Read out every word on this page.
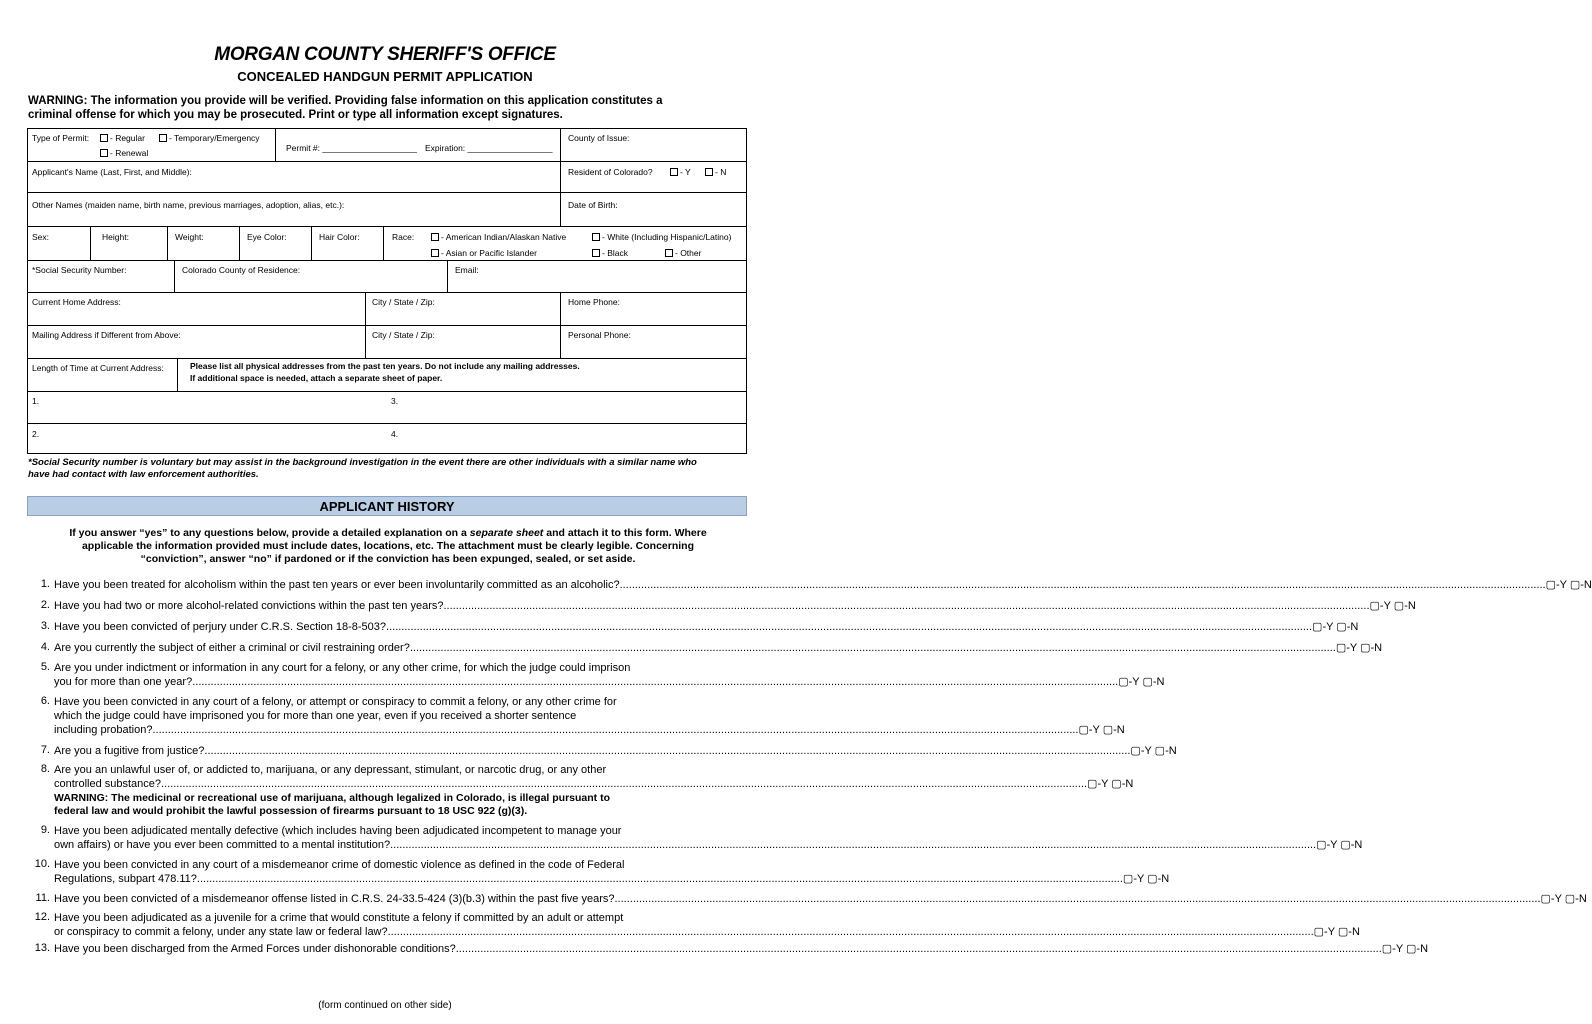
MORGAN COUNTY SHERIFF'S OFFICE
CONCEALED HANDGUN PERMIT APPLICATION
WARNING: The information you provide will be verified. Providing false information on this application constitutes a
criminal offense for which you may be prosecuted. Print or type all information except signatures.
Type of Permit:	- Regular	- Temporary/Emergency
- Renewal	Permit #: ____________________ Expiration: __________________
County of Issue:
Applicant's Name (Last, First, and Middle):	Resident of Colorado?	- Y	- N
Other Names (maiden name, birth name, previous marriages, adoption, alias, etc.):	Date of Birth:
Sex:	Height:	Weight:	Eye Color:	Hair Color:	Race:	- American Indian/Alaskan Native	- White (Including Hispanic/Latino)
- Asian or Pacific Islander	- Black	- Other
*Social Security Number:	Colorado County of Residence:	Email:
Current Home Address:	City / State / Zip:	Home Phone:
Mailing Address if Different from Above:	City / State / Zip:	Personal Phone:
Length of Time at Current Address:	Please list all physical addresses from the past ten years. Do not include any mailing addresses.
If additional space is needed, attach a separate sheet of paper.
1.	3.
2.	4.
*Social Security number is voluntary but may assist in the background investigation in the event there are other individuals with a similar name who
have had contact with law enforcement authorities.
APPLICANT HISTORY
If you answer “yes” to any questions below, provide a detailed explanation on a separate sheet and attach it to this form. Where
applicable the information provided must include dates, locations, etc. The attachment must be clearly legible. Concerning
“conviction”, answer “no” if pardoned or if the conviction has been expunged, sealed, or set aside.
1. Have you been treated for alcoholism within the past ten years or ever been involuntarily committed as an alcoholic? .....	▢-Y ▢-N
2. Have you had two or more alcohol-related convictions within the past ten years? .....	▢-Y ▢-N
3. Have you been convicted of perjury under C.R.S. Section 18-8-503? .....	▢-Y ▢-N
4. Are you currently the subject of either a criminal or civil restraining order? .....	▢-Y ▢-N
5. Are you under indictment or information in any court for a felony, or any other crime, for which the judge could imprison
you for more than one year? .....	▢-Y ▢-N
6. Have you been convicted in any court of a felony, or attempt or conspiracy to commit a felony, or any other crime for
which the judge could have imprisoned you for more than one year, even if you received a shorter sentence
including probation? .....	▢-Y ▢-N
7. Are you a fugitive from justice? .....	▢-Y ▢-N
8. Are you an unlawful user of, or addicted to, marijuana, or any depressant, stimulant, or narcotic drug, or any other
controlled substance? .....	▢-Y ▢-N
WARNING: The medicinal or recreational use of marijuana, although legalized in Colorado, is illegal pursuant to
federal law and would prohibit the lawful possession of firearms pursuant to 18 USC 922 (g)(3).
9. Have you been adjudicated mentally defective (which includes having been adjudicated incompetent to manage your
own affairs) or have you ever been committed to a mental institution? .....	▢-Y ▢-N
10. Have you been convicted in any court of a misdemeanor crime of domestic violence as defined in the code of Federal
Regulations, subpart 478.11? .....	▢-Y ▢-N
11. Have you been convicted of a misdemeanor offense listed in C.R.S. 24-33.5-424 (3)(b.3) within the past five years? .....	▢-Y ▢-N
12. Have you been adjudicated as a juvenile for a crime that would constitute a felony if committed by an adult or attempt
or conspiracy to commit a felony, under any state law or federal law? .....	▢-Y ▢-N
13. Have you been discharged from the Armed Forces under dishonorable conditions? .....	▢-Y ▢-N
(form continued on other side)
